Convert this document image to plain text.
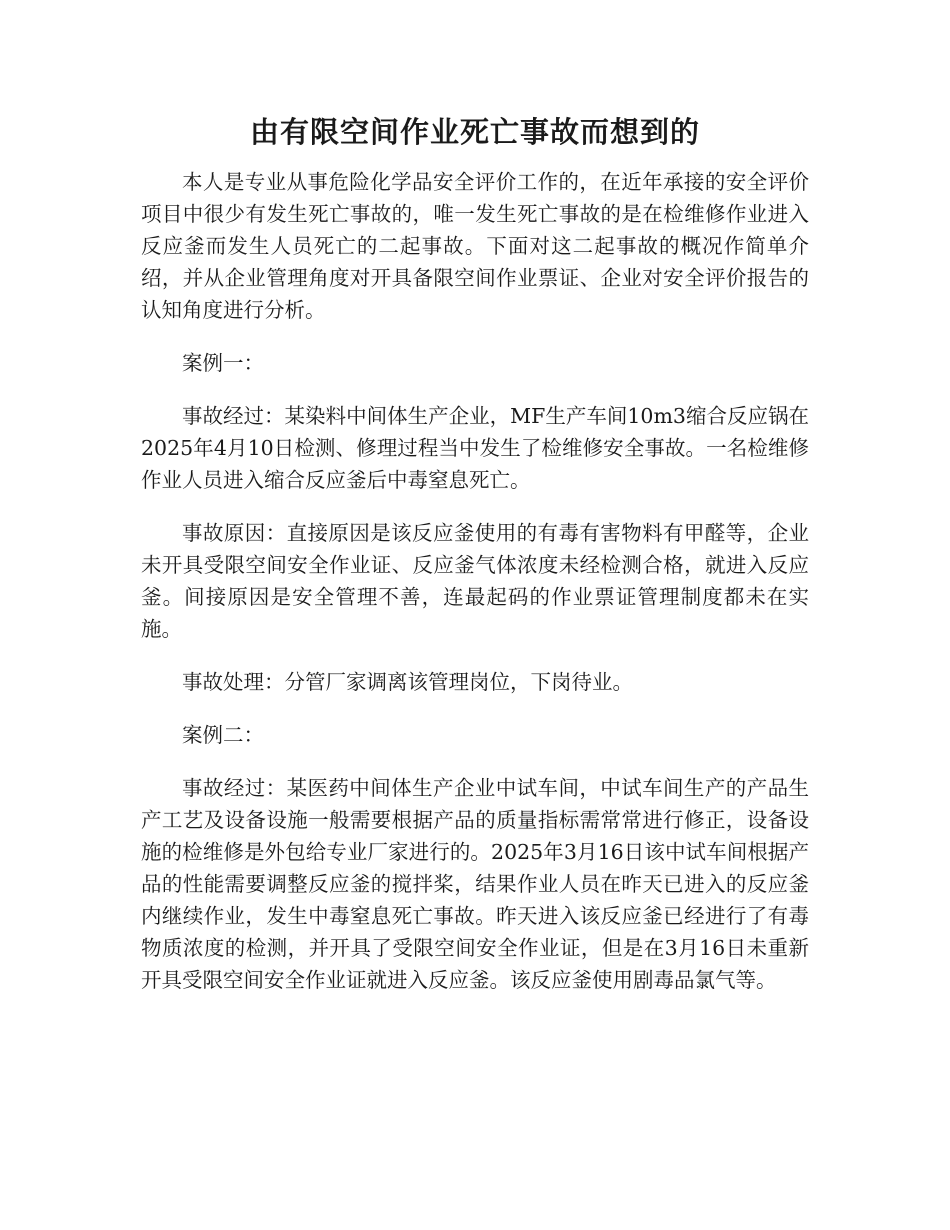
由有限空间作业死亡事故而想到的

本人是专业从事危险化学品安全评价工作的，在近年承接的安全评价项目中很少有发生死亡事故的，唯一发生死亡事故的是在检维修作业进入反应釜而发生人员死亡的二起事故。下面对这二起事故的概况作简单介绍，并从企业管理角度对开具备限空间作业票证、企业对安全评价报告的认知角度进行分析。

案例一：

事故经过：某染料中间体生产企业，MF生产车间10m3缩合反应锅在2025年4月10日检测、修理过程当中发生了检维修安全事故。一名检维修作业人员进入缩合反应釜后中毒窒息死亡。

事故原因：直接原因是该反应釜使用的有毒有害物料有甲醛等，企业未开具受限空间安全作业证、反应釜气体浓度未经检测合格，就进入反应釜。间接原因是安全管理不善，连最起码的作业票证管理制度都未在实施。

事故处理：分管厂家调离该管理岗位，下岗待业。

案例二：

事故经过：某医药中间体生产企业中试车间，中试车间生产的产品生产工艺及设备设施一般需要根据产品的质量指标需常常进行修正，设备设施的检维修是外包给专业厂家进行的。2025年3月16日该中试车间根据产品的性能需要调整反应釜的搅拌桨，结果作业人员在昨天已进入的反应釜内继续作业，发生中毒窒息死亡事故。昨天进入该反应釜已经进行了有毒物质浓度的检测，并开具了受限空间安全作业证，但是在3月16日未重新开具受限空间安全作业证就进入反应釜。该反应釜使用剧毒品氯气等。
